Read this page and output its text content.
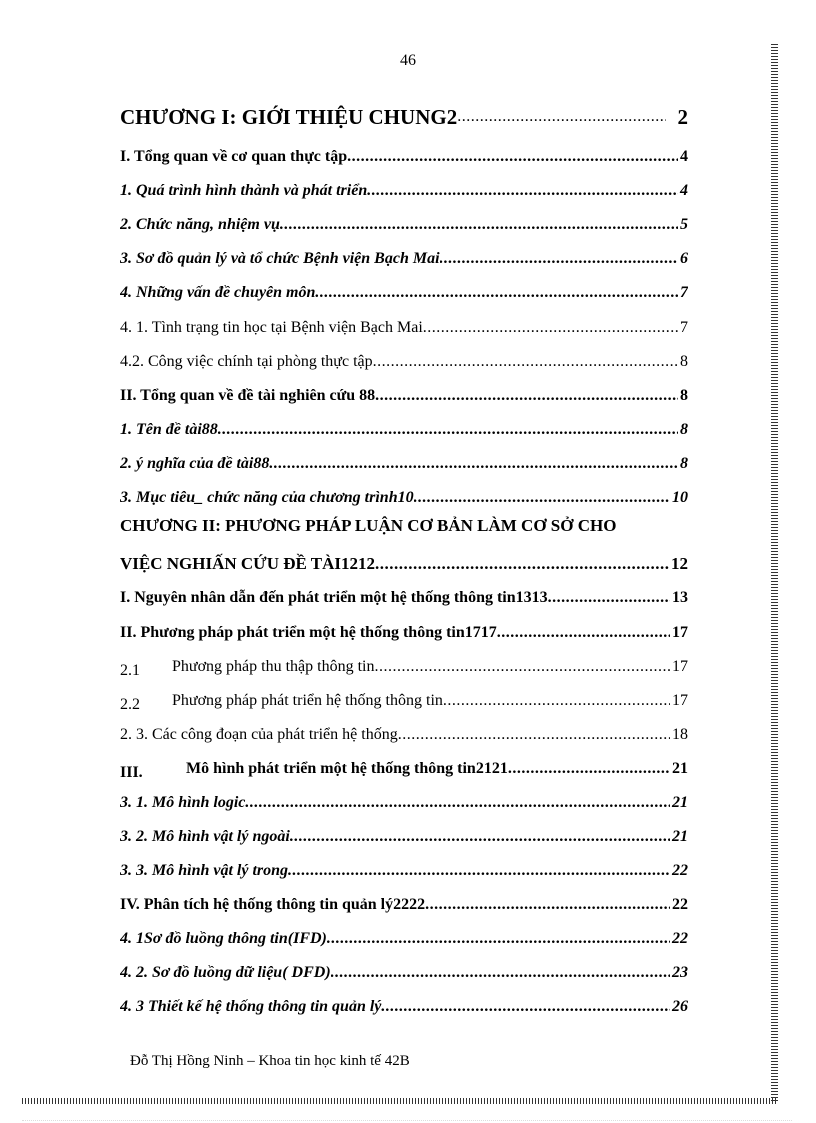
46
CHƯƠNG I: GIỚI THIỆU CHUNG2 .....	2
I. Tổng quan về cơ quan thực tập .....	4
1. Quá trình hình thành và phát triển .....	4
2. Chức năng, nhiệm vụ .....	5
3. Sơ đồ quản lý và tổ chức Bệnh viện Bạch Mai .....	6
4. Những vấn đề chuyên môn .....	7
4. 1. Tình trạng tin học tại Bệnh viện Bạch Mai .....	7
4.2. Công việc chính tại phòng thực tập .....	8
II. Tổng quan về đề tài nghiên cứu 88 .....	8
1. Tên đề tài88 .....	8
2. ý nghĩa của đề tài88 .....	8
3. Mục tiêu_ chức năng của chương trình10 .....	10
CHƯƠNG II: PHƯƠNG PHÁP LUẬN CƠ BẢN LÀM CƠ SỞ CHO
VIỆC NGHIẤN CỨU ĐỀ TÀI1212 .....	12
I. Nguyên nhân dẫn đến phát triển một hệ thống thông tin1313 .....	13
II. Phương pháp phát triển một hệ thống thông tin1717 .....	17
2.1 Phương pháp thu thập thông tin .....	17
2.2 Phương pháp phát triển hệ thống thông tin .....	17
2. 3. Các công đoạn của phát triển hệ thống .....	18
III.	Mô hình phát triển một hệ thống thông tin2121 .....	21
3. 1. Mô hình logic .....	21
3. 2. Mô hình vật lý ngoài .....	21
3. 3. Mô hình vật lý trong .....	22
IV. Phân tích hệ thống thông tin quản lý2222 .....	22
4. 1Sơ đồ luồng thông tin(IFD) .....	22
4. 2. Sơ đồ luồng dữ liệu( DFD) .....	23
4. 3 Thiết kế hệ thống thông tin quản lý .....	26
Đỗ Thị Hồng Ninh – Khoa tin học kinh tế 42B
